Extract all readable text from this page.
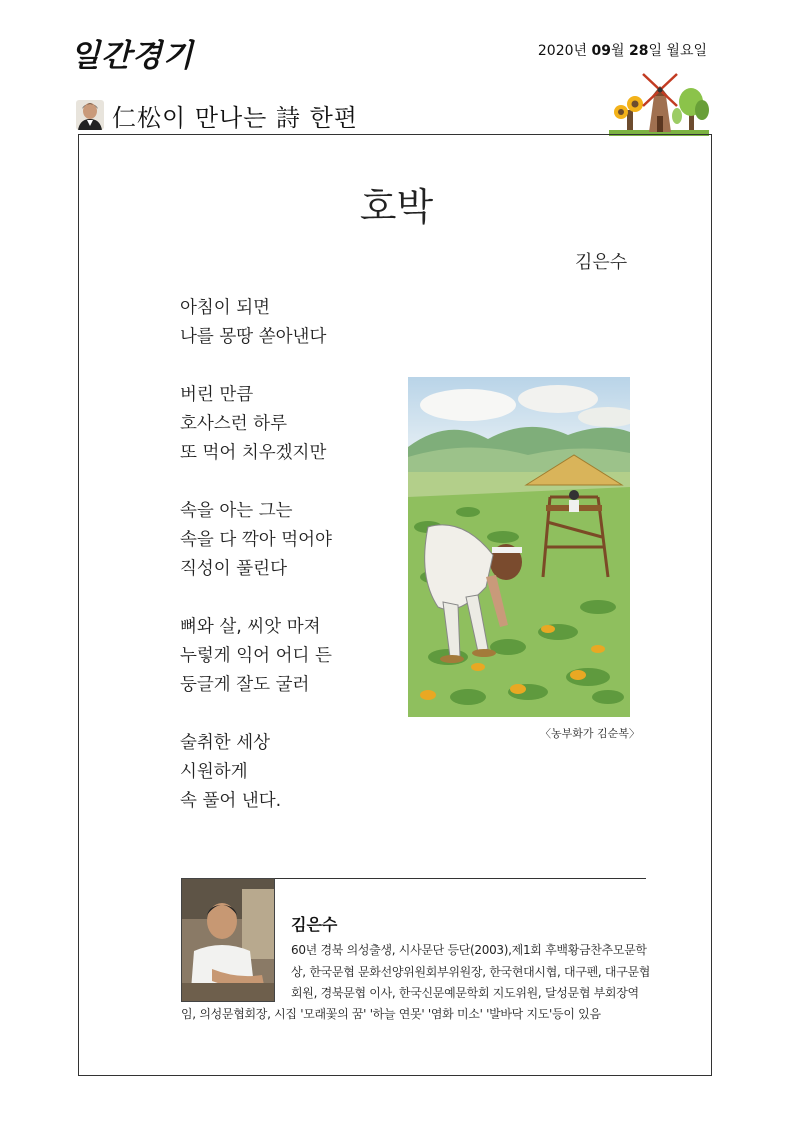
일간경기	2020년 09월 28일 월요일
仁松이 만나는 詩 한편
호박
김은수
아침이 되면
나를 몽땅 쏟아낸다
버린 만큼
호사스런 하루
또 먹어 치우겠지만
속을 아는 그는
속을 다 깍아 먹어야
직성이 풀린다
뼈와 살, 씨앗 마져
누렇게 익어 어디 든
둥글게 잘도 굴러
술취한 세상
시원하게
속 풀어 낸다.
〈농부화가 김순복〉
김은수
60년 경북 의성출생, 시사문단 등단(2003),제1회 후백황금찬추모문학
상, 한국문협 문화선양위원회부위원장, 한국현대시협, 대구펜, 대구문협
회원, 경북문협 이사, 한국신문예문학회 지도위원, 달성문협 부회장역
임, 의성문협회장, 시집 '모래꽃의 꿈' '하늘 연못' '염화 미소' '발바닥 지도'등이 있음
